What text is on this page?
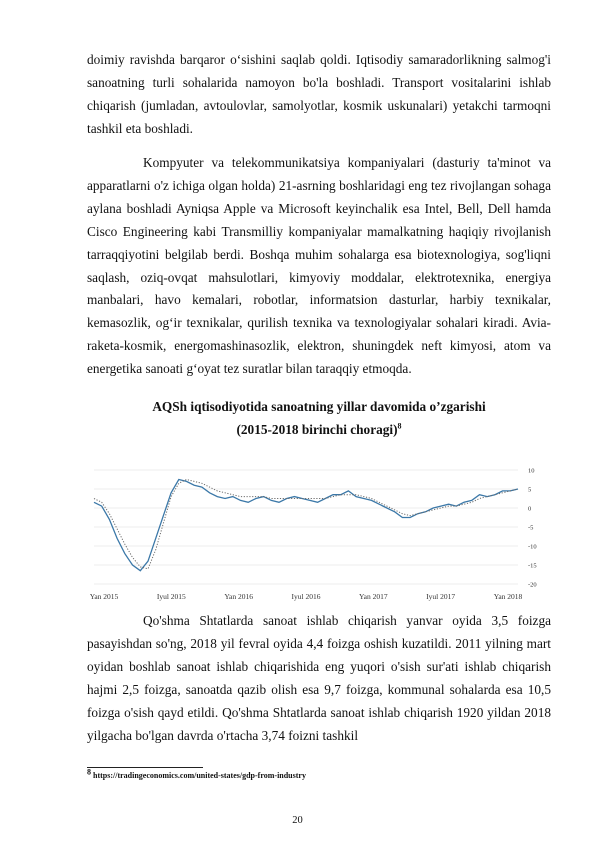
doimiy ravishda barqaror o‘sishini saqlab qoldi. Iqtisodiy samaradorlikning salmog'i sanoatning turli sohalarida namoyon bo'la boshladi. Transport vositalarini ishlab chiqarish (jumladan, avtoulovlar, samolyotlar, kosmik uskunalari) yetakchi tarmoqni tashkil eta boshladi.

Kompyuter va telekommunikatsiya kompaniyalari (dasturiy ta'minot va apparatlarni o'z ichiga olgan holda) 21-asrning boshlaridagi eng tez rivojlangan sohaga aylana boshladi Ayniqsa Apple va Microsoft keyinchalik esa Intel, Bell, Dell hamda Cisco Engineering kabi Transmilliy kompaniyalar mamalkatning haqiqiy rivojlanish tarraqqiyotini belgilab berdi. Boshqa muhim sohalarga esa biotexnologiya, sog'liqni saqlash, oziq-ovqat mahsulotlari, kimyoviy moddalar, elektrotexnika, energiya manbalari, havo kemalari, robotlar, informatsion dasturlar, harbiy texnikalar, kemasozlik, og‘ir texnikalar, qurilish texnika va texnologiyalar sohalari kiradi. Avia-raketa-kosmik, energomashinasozlik, elektron, shuningdek neft kimyosi, atom va energetika sanoati g‘oyat tez suratlar bilan taraqqiy etmoqda.

AQSh iqtisodiyotida sanoatning yillar davomida o’zgarishi

(2015-2018 birinchi choragi)$^8$

10
5
0
-5
-10
-15
-20
Yan 2015	Iyul 2015	Yan 2016	Iyul 2016	Yan 2017	Iyul 2017	Yan 2018

Qo'shma Shtatlarda sanoat ishlab chiqarish yanvar oyida 3,5 foizga pasayishdan so'ng, 2018 yil fevral oyida 4,4 foizga oshish kuzatildi. 2011 yilning mart oyidan boshlab sanoat ishlab chiqarishida eng yuqori o'sish sur'ati ishlab chiqarish hajmi 2,5 foizga, sanoatda qazib olish esa 9,7 foizga, kommunal sohalarda esa 10,5 foizga o'sish qayd etildi. Qo'shma Shtatlarda sanoat ishlab chiqarish 1920 yildan 2018 yilgacha bo'lgan davrda o'rtacha 3,74 foizni tashkil

8 https://tradingeconomics.com/united-states/gdp-from-industry
20
